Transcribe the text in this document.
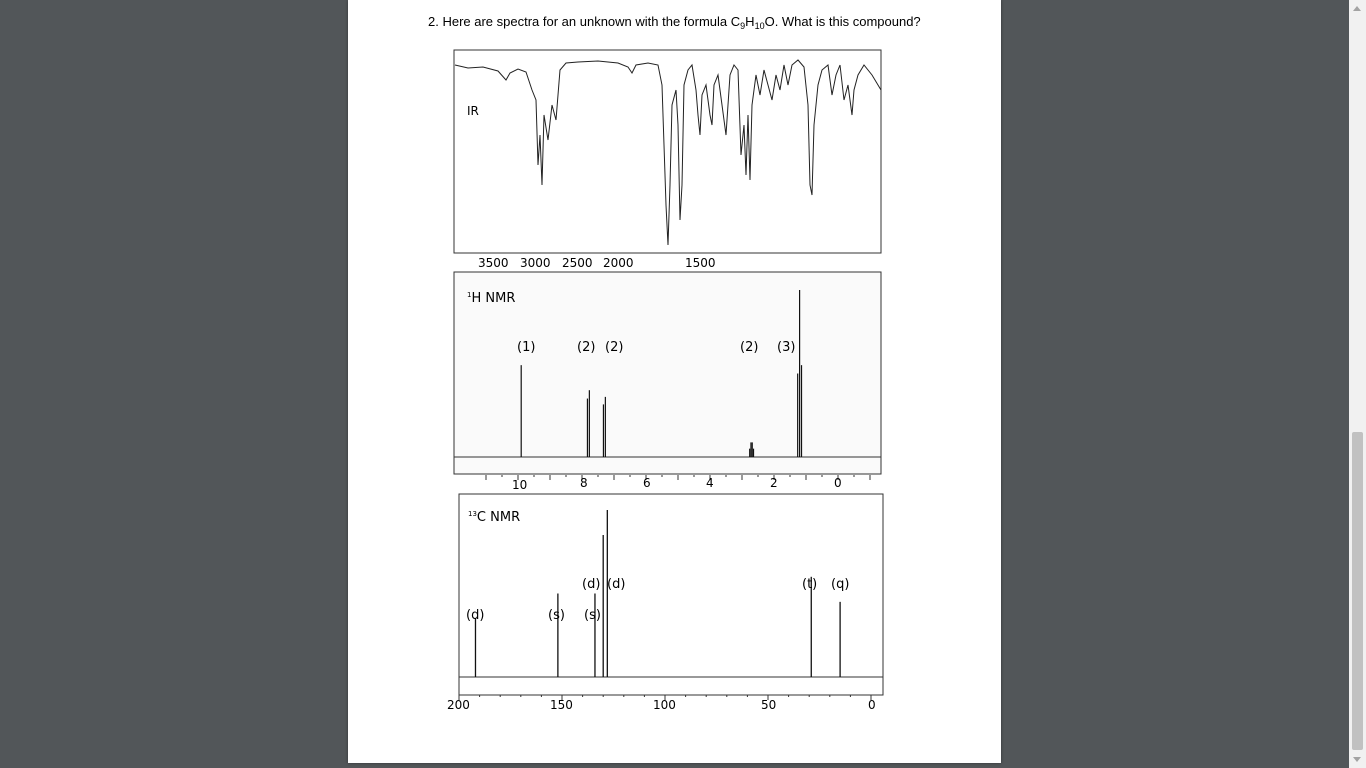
2. Here are spectra for an unknown with the formula $C_9H_{10}O$. What is this compound?
IR
3500 3000 2500 2000	1500
$^1$H NMR
(1)	(2) (2)	(2) (3)
10	8	6	4	2	0
$^{13}$C NMR
(d)	(s) (s)
(d) (d)	(t) (q)
200	150	100	50	0
